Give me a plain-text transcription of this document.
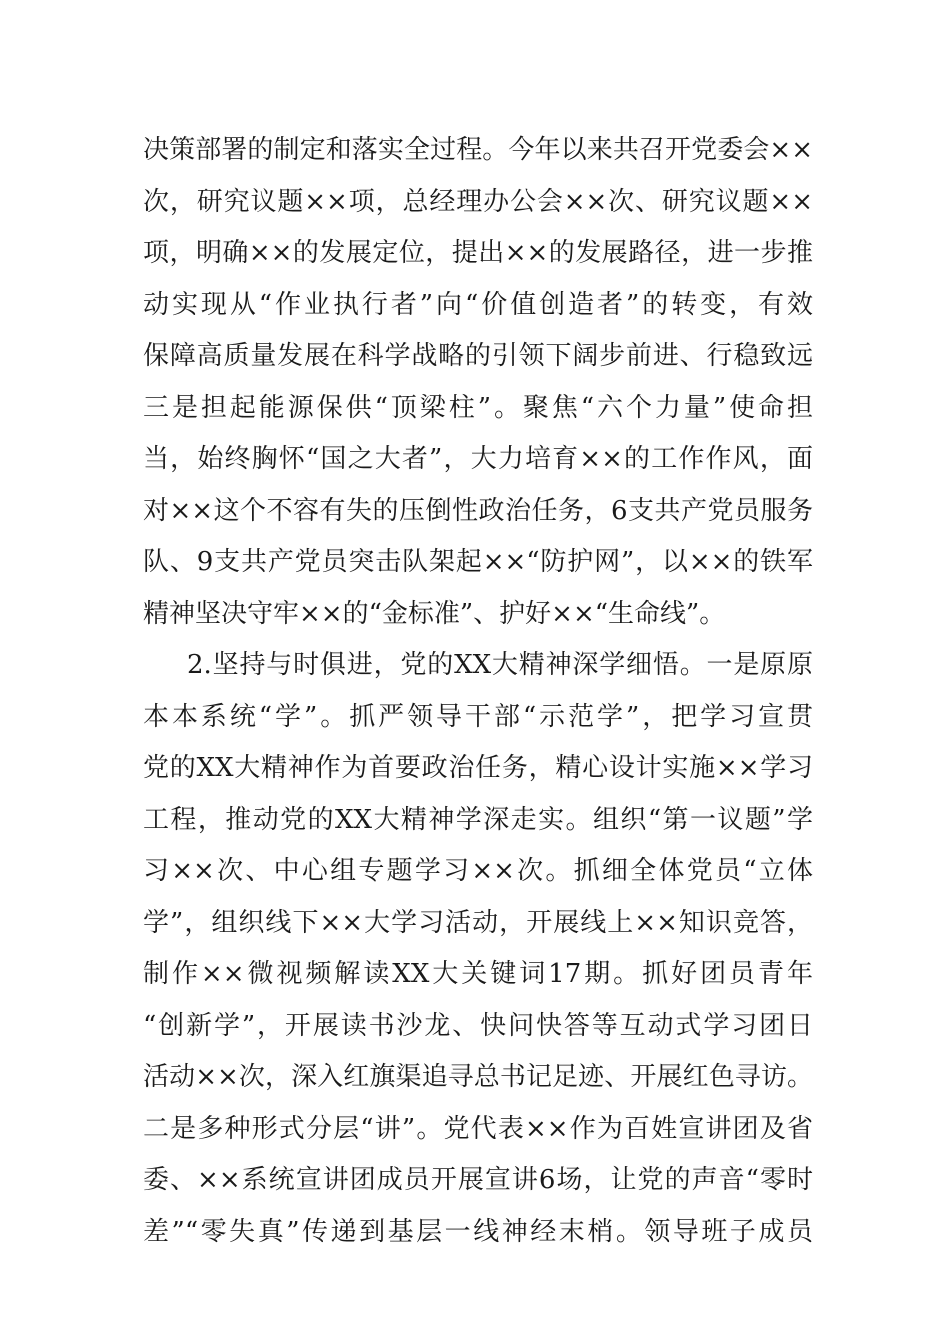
决策部署的制定和落实全过程。今年以来共召开党委会××
次，研究议题××项，总经理办公会××次、研究议题××
项，明确××的发展定位，提出××的发展路径，进一步推
动实现从“作业执行者”向“价值创造者”的转变，有效
保障高质量发展在科学战略的引领下阔步前进、行稳致远
三是担起能源保供“顶梁柱”。聚焦“六个力量”使命担
当，始终胸怀“国之大者”，大力培育××的工作作风，面
对××这个不容有失的压倒性政治任务，6支共产党员服务
队、9支共产党员突击队架起××“防护网”，以××的铁军
精神坚决守牢××的“金标准”、护好××“生命线”。
2.坚持与时俱进，党的XX大精神深学细悟。一是原原
本本系统“学”。抓严领导干部“示范学”，把学习宣贯
党的XX大精神作为首要政治任务，精心设计实施××学习
工程，推动党的XX大精神学深走实。组织“第一议题”学
习××次、中心组专题学习××次。抓细全体党员“立体
学”，组织线下××大学习活动，开展线上××知识竞答，
制作××微视频解读XX大关键词17期。抓好团员青年
“创新学”，开展读书沙龙、快问快答等互动式学习团日
活动××次，深入红旗渠追寻总书记足迹、开展红色寻访。
二是多种形式分层“讲”。党代表××作为百姓宣讲团及省
委、××系统宣讲团成员开展宣讲6场，让党的声音“零时
差”“零失真”传递到基层一线神经末梢。领导班子成员
